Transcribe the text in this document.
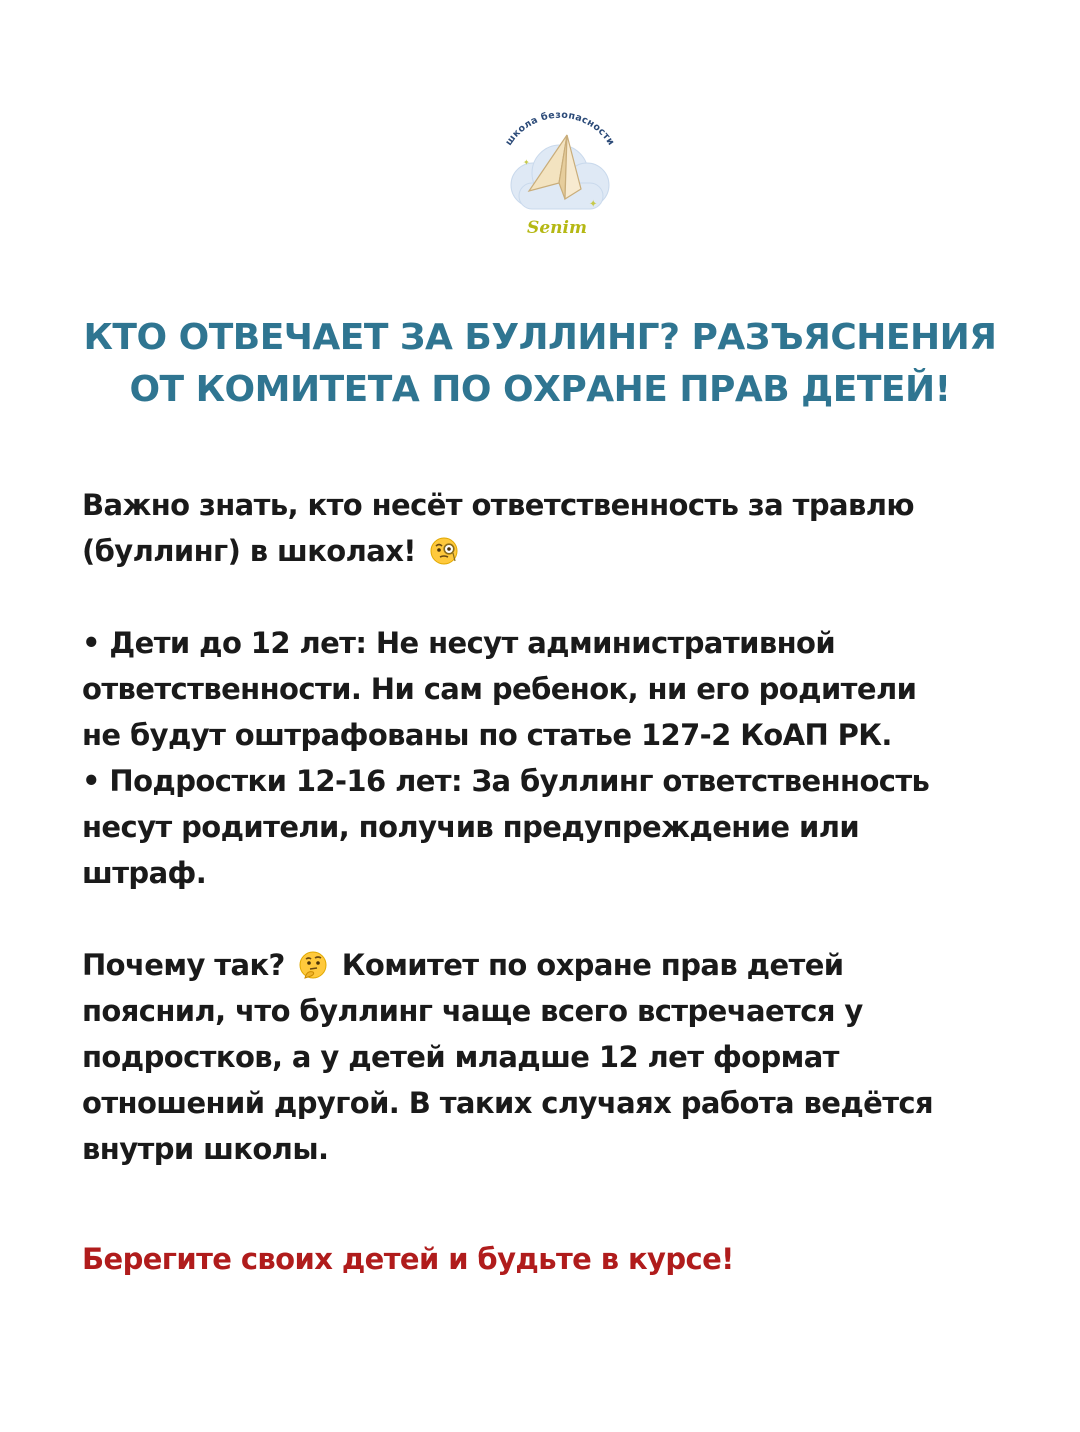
✦
✦
школа безопасности
Senim
КТО ОТВЕЧАЕТ ЗА БУЛЛИНГ? РАЗЪЯСНЕНИЯ
ОТ КОМИТЕТА ПО ОХРАНЕ ПРАВ ДЕТЕЙ!
Важно знать, кто несёт ответственность за травлю
(буллинг) в школах!
• Дети до 12 лет: Не несут административной
ответственности. Ни сам ребенок, ни его родители
не будут оштрафованы по статье 127-2 КоАП РК.
• Подростки 12-16 лет: За буллинг ответственность
несут родители, получив предупреждение или
штраф.
Почему так? Комитет по охране прав детей
пояснил, что буллинг чаще всего встречается у
подростков, а у детей младше 12 лет формат
отношений другой. В таких случаях работа ведётся
внутри школы.

Берегите своих детей и будьте в курсе!
